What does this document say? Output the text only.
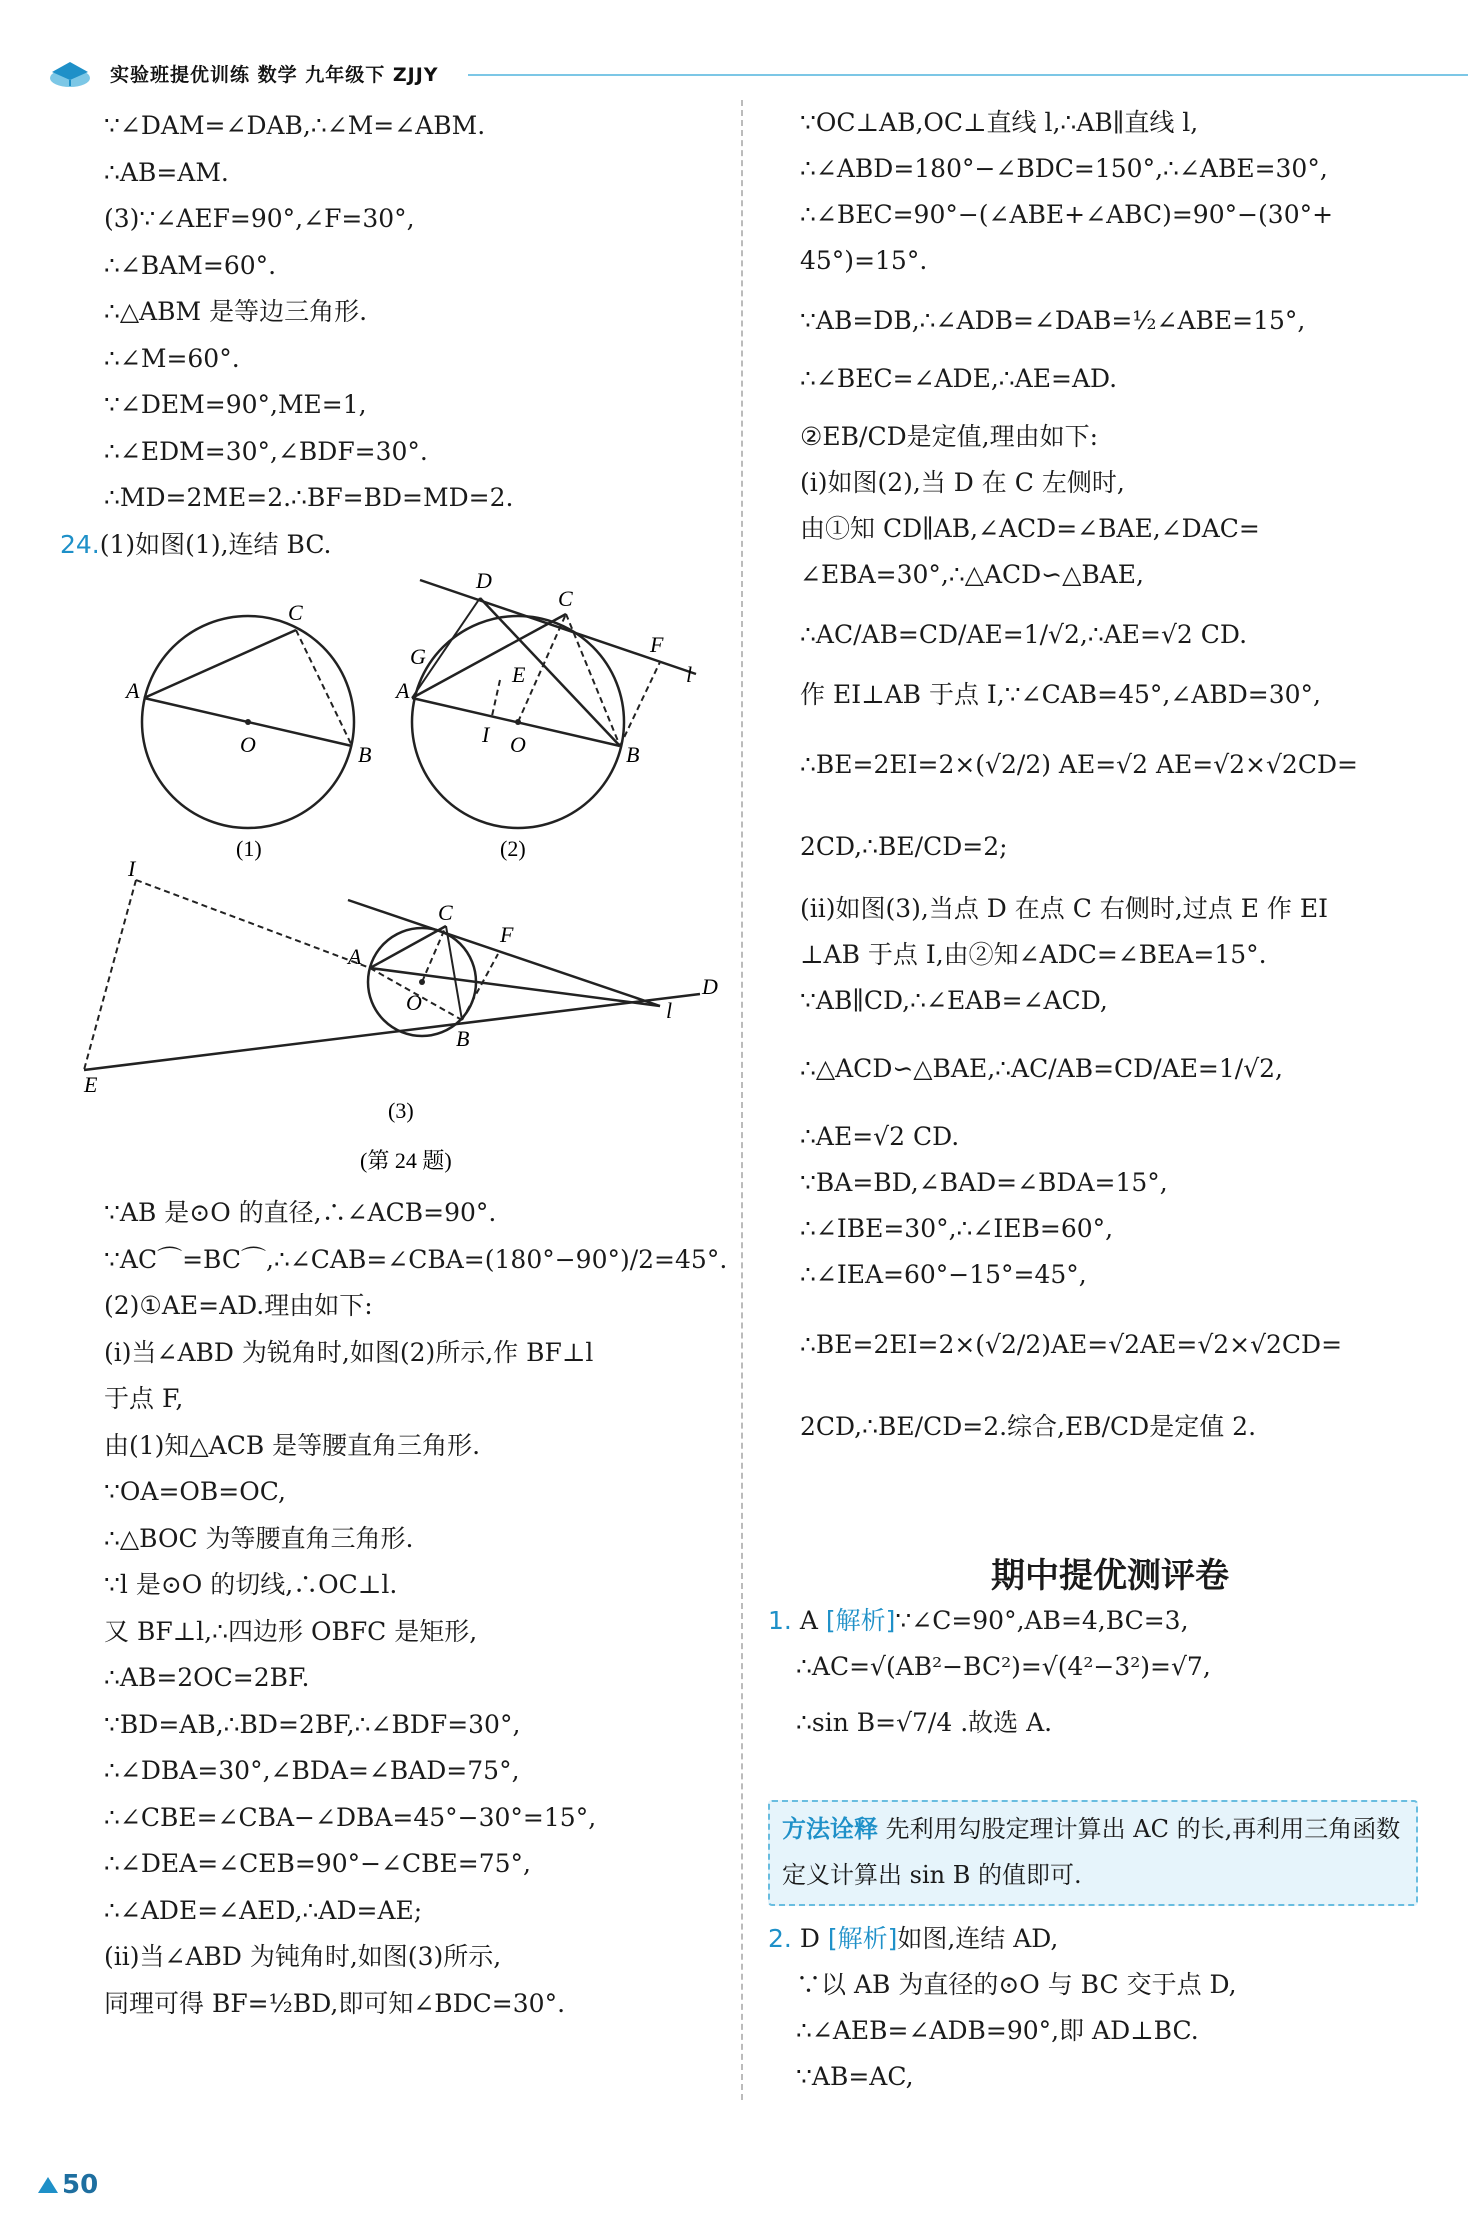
实验班提优训练 数学 九年级下 ZJJY
∵∠DAM=∠DAB,∴∠M=∠ABM.
∴AB=AM.
(3)∵∠AEF=90°,∠F=30°,
∴∠BAM=60°.
∴△ABM 是等边三角形.
∴∠M=60°.
∵∠DEM=90°,ME=1,
∴∠EDM=30°,∠BDF=30°.
∴MD=2ME=2.∴BF=BD=MD=2.
24.(1)如图(1),连结 BC.
A
C
B
O
(1)
A
G
D
C
E
F
l
B
O
I
(2)
I
A
C
F
O
B
l
D
E
(3)
(第 24 题)
∵AB 是⊙O 的直径,∴∠ACB=90°.
∵AC⌒=BC⌒,∴∠CAB=∠CBA=(180°−90°)/2=45°.
(2)①AE=AD.理由如下:
(ⅰ)当∠ABD 为锐角时,如图(2)所示,作 BF⊥l
于点 F,
由(1)知△ACB 是等腰直角三角形.
∵OA=OB=OC,
∴△BOC 为等腰直角三角形.
∵l 是⊙O 的切线,∴OC⊥l.
又 BF⊥l,∴四边形 OBFC 是矩形,
∴AB=2OC=2BF.
∵BD=AB,∴BD=2BF,∴∠BDF=30°,
∴∠DBA=30°,∠BDA=∠BAD=75°,
∴∠CBE=∠CBA−∠DBA=45°−30°=15°,
∴∠DEA=∠CEB=90°−∠CBE=75°,
∴∠ADE=∠AED,∴AD=AE;
(ⅱ)当∠ABD 为钝角时,如图(3)所示,
同理可得 BF=½BD,即可知∠BDC=30°.
∵OC⊥AB,OC⊥直线 l,∴AB∥直线 l,
∴∠ABD=180°−∠BDC=150°,∴∠ABE=30°,
∴∠BEC=90°−(∠ABE+∠ABC)=90°−(30°+
45°)=15°.
∵AB=DB,∴∠ADB=∠DAB=½∠ABE=15°,
∴∠BEC=∠ADE,∴AE=AD.
②EB/CD是定值,理由如下:
(ⅰ)如图(2),当 D 在 C 左侧时,
由①知 CD∥AB,∠ACD=∠BAE,∠DAC=
∠EBA=30°,∴△ACD∽△BAE,
∴AC/AB=CD/AE=1/√2,∴AE=√2 CD.
作 EI⊥AB 于点 I,∵∠CAB=45°,∠ABD=30°,
∴BE=2EI=2×(√2/2) AE=√2 AE=√2×√2CD=
2CD,∴BE/CD=2;
(ⅱ)如图(3),当点 D 在点 C 右侧时,过点 E 作 EI
⊥AB 于点 I,由②知∠ADC=∠BEA=15°.
∵AB∥CD,∴∠EAB=∠ACD,
∴△ACD∽△BAE,∴AC/AB=CD/AE=1/√2,
∴AE=√2 CD.
∵BA=BD,∠BAD=∠BDA=15°,
∴∠IBE=30°,∴∠IEB=60°,
∴∠IEA=60°−15°=45°,
∴BE=2EI=2×(√2/2)AE=√2AE=√2×√2CD=
2CD,∴BE/CD=2.综合,EB/CD是定值 2.
期中提优测评卷
1. A [解析]∵∠C=90°,AB=4,BC=3,
∴AC=√(AB²−BC²)=√(4²−3²)=√7,
∴sin B=√7/4 .故选 A.
方法诠释 先利用勾股定理计算出 AC 的长,再利用三角函数定义计算出 sin B 的值即可.
2. D [解析]如图,连结 AD,
∵以 AB 为直径的⊙O 与 BC 交于点 D,
∴∠AEB=∠ADB=90°,即 AD⊥BC.
∵AB=AC,
50
